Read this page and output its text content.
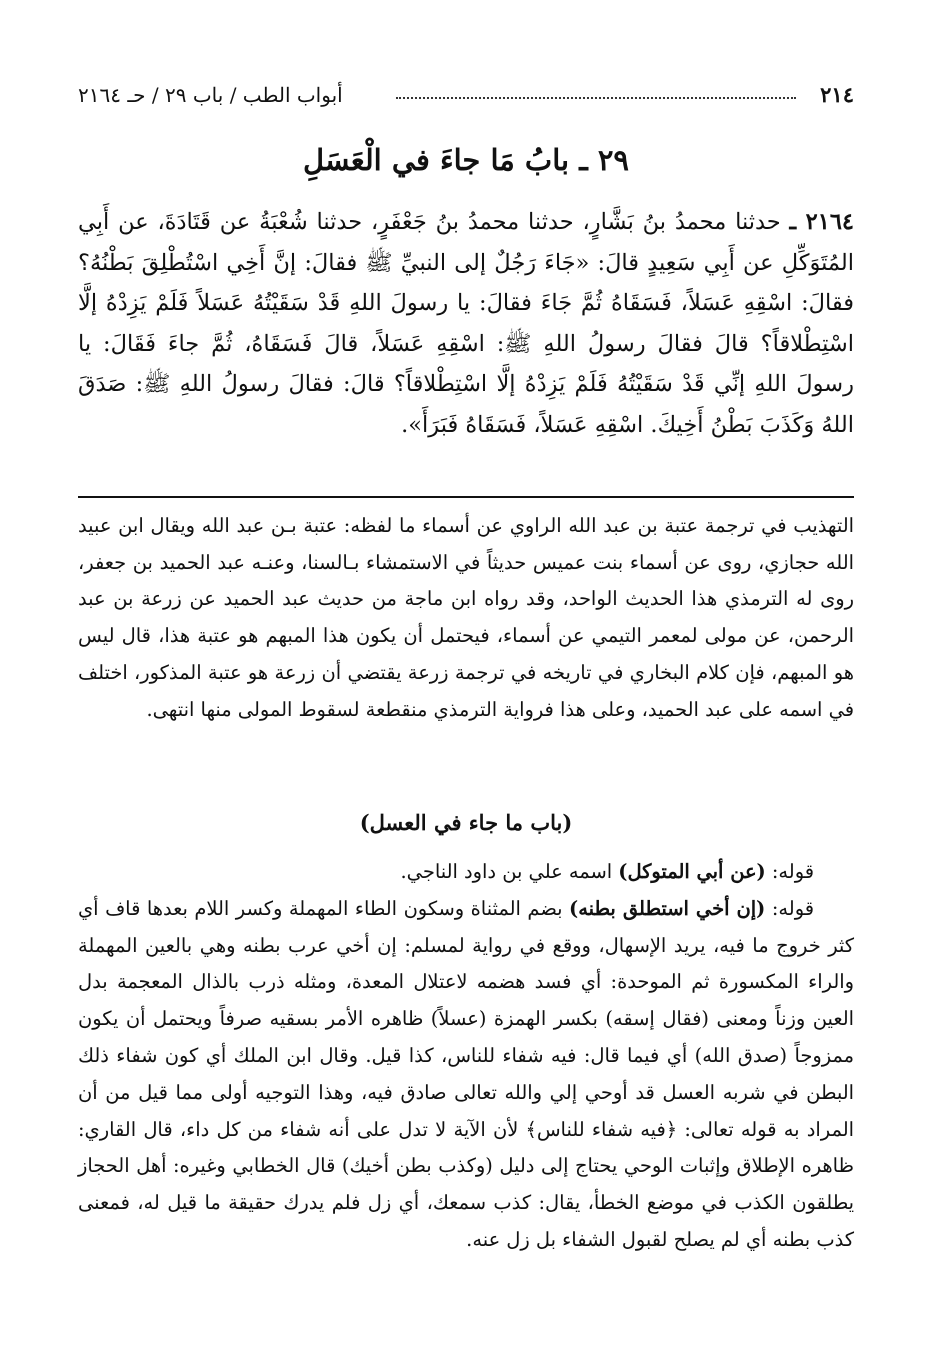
٢١٤
أبواب الطب / باب ٢٩ / حـ ٢١٦٤
٢٩ ـ بابُ مَا جاءَ في الْعَسَلِ
٢١٦٤ ـ حدثنا محمدُ بنُ بَشَّارٍ، حدثنا محمدُ بنُ جَعْفَرٍ، حدثنا شُعْبَةُ عن قَتَادَةَ، عن أَبِي المُتَوَكِّلِ عن أَبِي سَعِيدٍ قالَ: «جَاءَ رَجُلٌ إلى النبيِّ ﷺ فقالَ: إنَّ أَخِي اسْتُطْلِقَ بَطْنُهُ؟ فقالَ: اسْقِهِ عَسَلاً، فَسَقَاهُ ثُمَّ جَاءَ فقالَ: يا رسولَ اللهِ قَدْ سَقَيْتُهُ عَسَلاً فَلَمْ يَزِدْهُ إلَّا اسْتِطْلاقاً؟ قالَ فقالَ رسولُ اللهِ ﷺ: اسْقِهِ عَسَلاً، قالَ فَسَقَاهُ، ثُمَّ جاءَ فَقَالَ: يا رسولَ اللهِ إنِّي قَدْ سَقَيْتُهُ فَلَمْ يَزِدْهُ إلَّا اسْتِطْلاقاً؟ قالَ: فقالَ رسولُ اللهِ ﷺ: صَدَقَ اللهُ وَكَذَبَ بَطْنُ أَخِيكَ. اسْقِهِ عَسَلاً، فَسَقَاهُ فَبَرَأَ».
التهذيب في ترجمة عتبة بن عبد الله الراوي عن أسماء ما لفظه: عتبة بـن عبد الله ويقال ابن عبيد الله حجازي، روى عن أسماء بنت عميس حديثاً في الاستمشاء بـالسنا، وعنـه عبد الحميد بن جعفر، روى له الترمذي هذا الحديث الواحد، وقد رواه ابن ماجة من حديث عبد الحميد عن زرعة بن عبد الرحمن، عن مولى لمعمر التيمي عن أسماء، فيحتمل أن يكون هذا المبهم هو عتبة هذا، قال ليس هو المبهم، فإن كلام البخاري في تاريخه في ترجمة زرعة يقتضي أن زرعة هو عتبة المذكور، اختلف في اسمه على عبد الحميد، وعلى هذا فرواية الترمذي منقطعة لسقوط المولى منها انتهى.
(باب ما جاء في العسل)

قوله: (عن أبي المتوكل) اسمه علي بن داود الناجي.

قوله: (إن أخي استطلق بطنه) بضم المثناة وسكون الطاء المهملة وكسر اللام بعدها قاف أي كثر خروج ما فيه، يريد الإسهال، ووقع في رواية لمسلم: إن أخي عرب بطنه وهي بالعين المهملة والراء المكسورة ثم الموحدة: أي فسد هضمه لاعتلال المعدة، ومثله ذرب بالذال المعجمة بدل العين وزناً ومعنى (فقال إسقه) بكسر الهمزة (عسلاً) ظاهره الأمر بسقيه صرفاً ويحتمل أن يكون ممزوجاً (صدق الله) أي فيما قال: فيه شفاء للناس، كذا قيل. وقال ابن الملك أي كون شفاء ذلك البطن في شربه العسل قد أوحي إلي والله تعالى صادق فيه، وهذا التوجيه أولى مما قيل من أن المراد به قوله تعالى: ﴿فيه شفاء للناس﴾ لأن الآية لا تدل على أنه شفاء من كل داء، قال القاري: ظاهره الإطلاق وإثبات الوحي يحتاج إلى دليل (وكذب بطن أخيك) قال الخطابي وغيره: أهل الحجاز يطلقون الكذب في موضع الخطأ، يقال: كذب سمعك، أي زل فلم يدرك حقيقة ما قيل له، فمعنى كذب بطنه أي لم يصلح لقبول الشفاء بل زل عنه.
